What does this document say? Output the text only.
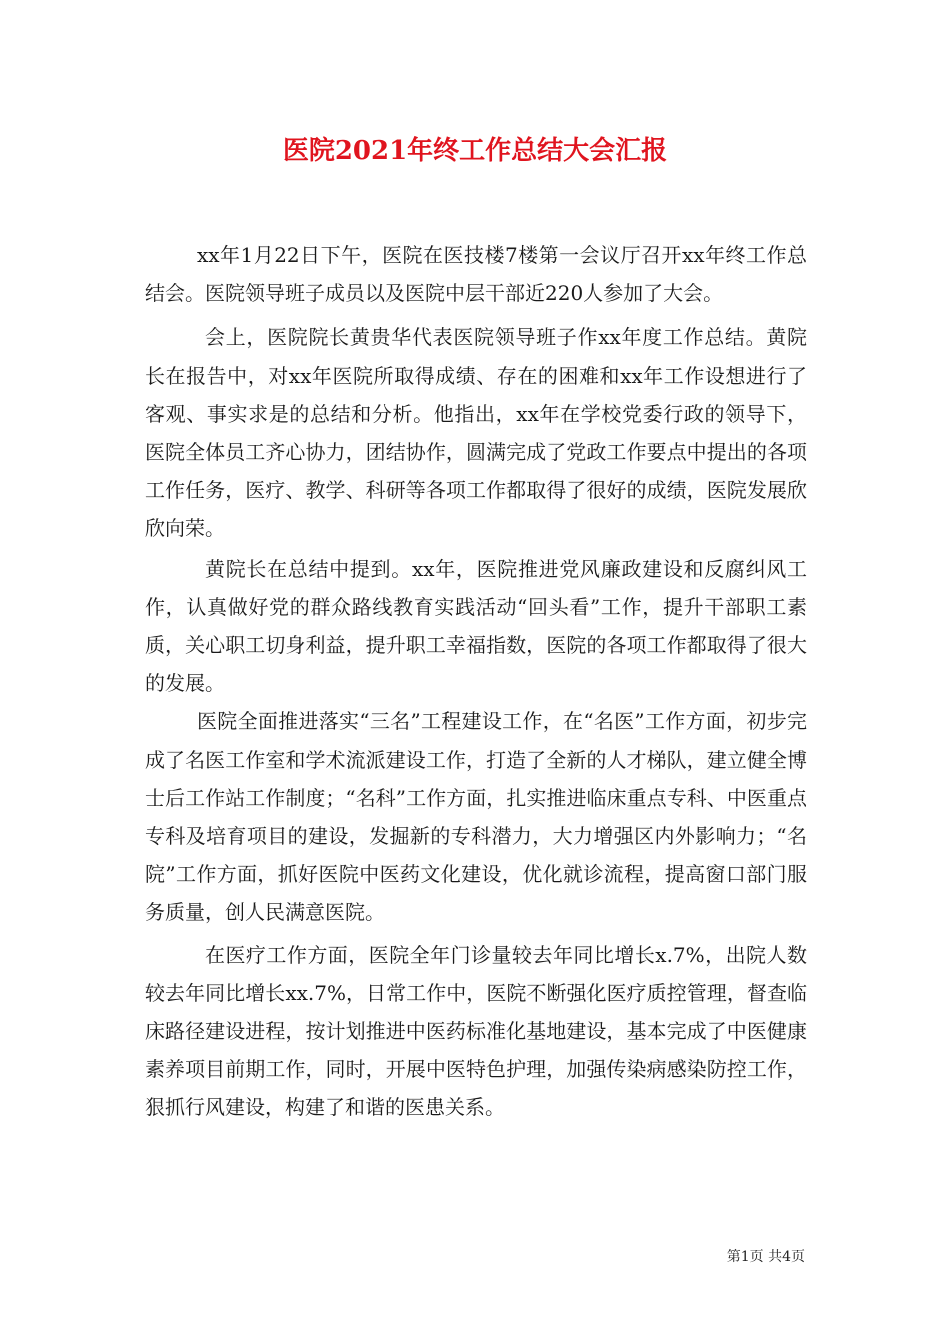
医院2021年终工作总结大会汇报

xx年1月22日下午，医院在医技楼7楼第一会议厅召开xx年终工作总结会。医院领导班子成员以及医院中层干部近220人参加了大会。

会上，医院院长黄贵华代表医院领导班子作xx年度工作总结。黄院长在报告中，对xx年医院所取得成绩、存在的困难和xx年工作设想进行了客观、事实求是的总结和分析。他指出，xx年在学校党委行政的领导下，医院全体员工齐心协力，团结协作，圆满完成了党政工作要点中提出的各项工作任务，医疗、教学、科研等各项工作都取得了很好的成绩，医院发展欣欣向荣。

黄院长在总结中提到。xx年，医院推进党风廉政建设和反腐纠风工作，认真做好党的群众路线教育实践活动“回头看”工作，提升干部职工素质，关心职工切身利益，提升职工幸福指数，医院的各项工作都取得了很大的发展。

医院全面推进落实“三名”工程建设工作，在“名医”工作方面，初步完成了名医工作室和学术流派建设工作，打造了全新的人才梯队，建立健全博士后工作站工作制度；“名科”工作方面，扎实推进临床重点专科、中医重点专科及培育项目的建设，发掘新的专科潜力，大力增强区内外影响力；“名院”工作方面，抓好医院中医药文化建设，优化就诊流程，提高窗口部门服务质量，创人民满意医院。

在医疗工作方面，医院全年门诊量较去年同比增长x.7%，出院人数较去年同比增长xx.7%，日常工作中，医院不断强化医疗质控管理，督查临床路径建设进程，按计划推进中医药标准化基地建设，基本完成了中医健康素养项目前期工作，同时，开展中医特色护理，加强传染病感染防控工作，狠抓行风建设，构建了和谐的医患关系。

第1页 共4页
